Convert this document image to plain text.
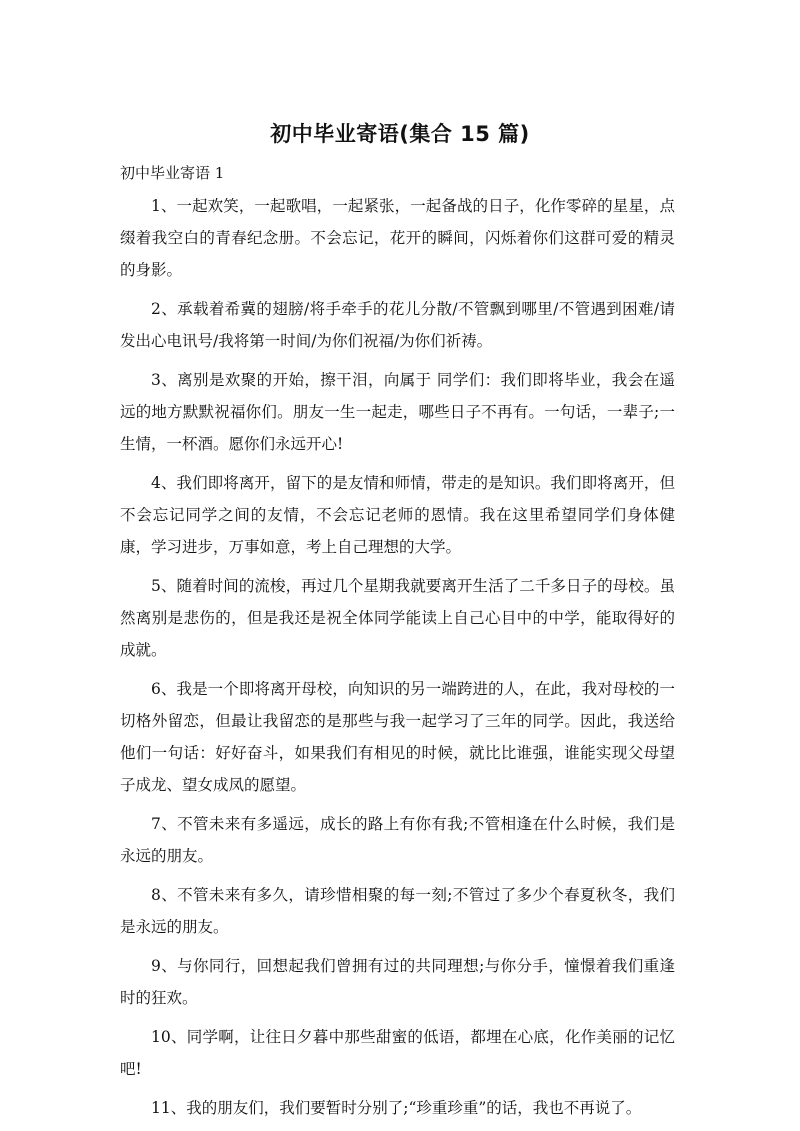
初中毕业寄语(集合 15 篇)

初中毕业寄语 1

1、一起欢笑，一起歌唱，一起紧张，一起备战的日子，化作零碎的星星，点缀着我空白的青春纪念册。不会忘记，花开的瞬间，闪烁着你们这群可爱的精灵的身影。

2、承载着希冀的翅膀/将手牵手的花儿分散/不管飘到哪里/不管遇到困难/请发出心电讯号/我将第一时间/为你们祝福/为你们祈祷。

3、离别是欢聚的开始，擦干泪，向属于 同学们：我们即将毕业，我会在遥远的地方默默祝福你们。朋友一生一起走，哪些日子不再有。一句话，一辈子;一生情，一杯酒。愿你们永远开心!

4、我们即将离开，留下的是友情和师情，带走的是知识。我们即将离开，但不会忘记同学之间的友情，不会忘记老师的恩情。我在这里希望同学们身体健康，学习进步，万事如意，考上自己理想的大学。

5、随着时间的流梭，再过几个星期我就要离开生活了二千多日子的母校。虽然离别是悲伤的，但是我还是祝全体同学能读上自己心目中的中学，能取得好的成就。

6、我是一个即将离开母校，向知识的另一端跨进的人，在此，我对母校的一切格外留恋，但最让我留恋的是那些与我一起学习了三年的同学。因此，我送给他们一句话：好好奋斗，如果我们有相见的时候，就比比谁强，谁能实现父母望子成龙、望女成凤的愿望。

7、不管未来有多遥远，成长的路上有你有我;不管相逢在什么时候，我们是永远的朋友。

8、不管未来有多久，请珍惜相聚的每一刻;不管过了多少个春夏秋冬，我们是永远的朋友。

9、与你同行，回想起我们曾拥有过的共同理想;与你分手，憧憬着我们重逢时的狂欢。

10、同学啊，让往日夕暮中那些甜蜜的低语，都埋在心底，化作美丽的记忆吧!

11、我的朋友们，我们要暂时分别了;“珍重珍重”的话，我也不再说了。
